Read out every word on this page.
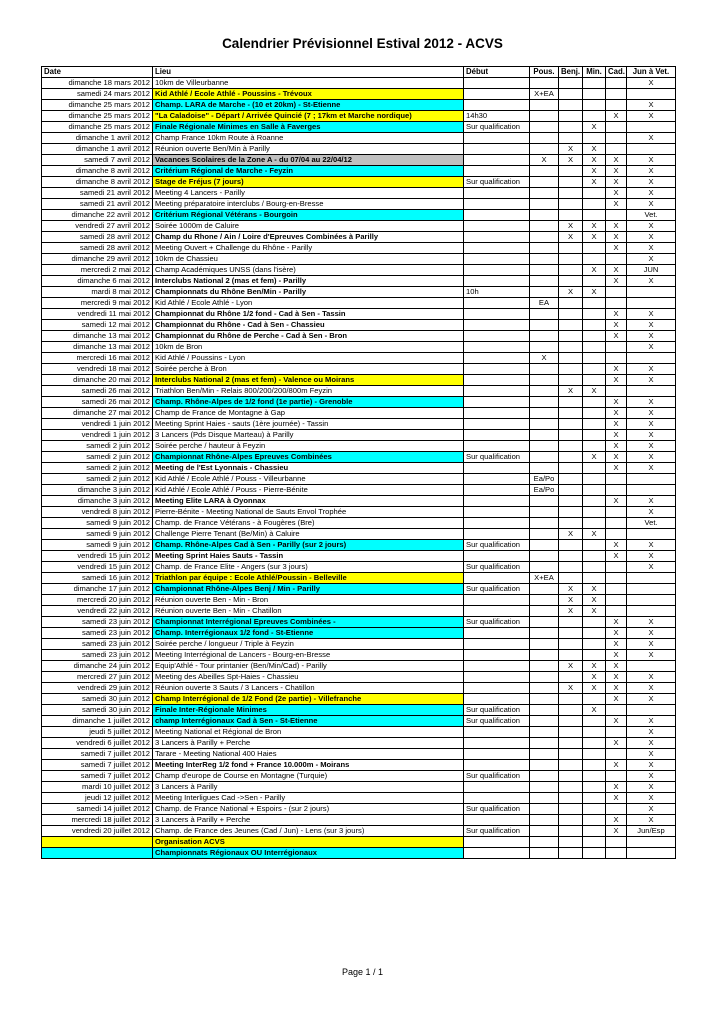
Calendrier Prévisionnel Estival 2012 - ACVS
Date	Lieu	Début	Pous.	Benj.	Min.	Cad.	Jun à Vet.
dimanche 18 mars 2012	10km de Villeurbanne						X
samedi 24 mars 2012	Kid Athlé / Ecole Athlé - Poussins - Trévoux		X+EA				
dimanche 25 mars 2012	Champ. LARA de Marche - (10 et 20km) - St-Etienne						X
dimanche 25 mars 2012	"La Caladoise" - Départ / Arrivée Quincié (7 ; 17km et Marche nordique)	14h30				X	X
dimanche 25 mars 2012	Finale Régionale Minimes en Salle à Faverges	Sur qualification			X		
dimanche 1 avril 2012	Champ France 10km Route à Roanne						X
dimanche 1 avril 2012	Réunion ouverte Ben/Min à Parilly			X	X		
samedi 7 avril 2012	Vacances Scolaires de la Zone A - du 07/04 au 22/04/12		X	X	X	X	X
dimanche 8 avril 2012	Critérium Régional de Marche - Feyzin				X	X	X
dimanche 8 avril 2012	Stage de Fréjus (7 jours)	Sur qualification			X	X	X
samedi 21 avril 2012	Meeting 4 Lancers - Parilly					X	X
samedi 21 avril 2012	Meeting préparatoire interclubs / Bourg-en-Bresse					X	X
dimanche 22 avril 2012	Critérium Régional Vétérans - Bourgoin						Vet.
vendredi 27 avril 2012	Soirée 1000m de Caluire			X	X	X	X
samedi 28 avril 2012	Champ du Rhone / Ain / Loire d'Epreuves Combinées à Parilly			X	X	X	X
samedi 28 avril 2012	Meeting Ouvert + Challenge du Rhône - Parilly					X	X
dimanche 29 avril 2012	10km de Chassieu						X
mercredi 2 mai 2012	Champ Académiques UNSS (dans l'isère)				X	X	JUN
dimanche 6 mai 2012	Interclubs National 2 (mas et fem) - Parilly					X	X
mardi 8 mai 2012	Championnats du Rhône Ben/Min - Parilly	10h		X	X		
mercredi 9 mai 2012	Kid Athlé / Ecole Athlé - Lyon		EA				
vendredi 11 mai 2012	Championnat du Rhône 1/2 fond - Cad à Sen - Tassin					X	X
samedi 12 mai 2012	Championnat du Rhône - Cad à Sen - Chassieu					X	X
dimanche 13 mai 2012	Championnat du Rhône de Perche - Cad à Sen - Bron					X	X
dimanche 13 mai 2012	10km de Bron						X
mercredi 16 mai 2012	Kid Athlé / Poussins - Lyon		X				
vendredi 18 mai 2012	Soirée perche à Bron					X	X
dimanche 20 mai 2012	Interclubs National 2 (mas et fem) - Valence ou Moirans					X	X
samedi 26 mai 2012	Triathlon Ben/Min - Relais 800/200/200/800m Feyzin			X	X		
samedi 26 mai 2012	Champ. Rhône-Alpes de 1/2 fond (1e partie) - Grenoble					X	X
dimanche 27 mai 2012	Champ de France de Montagne à Gap					X	X
vendredi 1 juin 2012	Meeting Sprint Haies - sauts (1ère journée) - Tassin					X	X
vendredi 1 juin 2012	3 Lancers (Pds Disque Marteau) à Parilly					X	X
samedi 2 juin 2012	Soirée perche / hauteur à Feyzin					X	X
samedi 2 juin 2012	Championnat Rhône-Alpes Epreuves Combinées	Sur qualification			X	X	X
samedi 2 juin 2012	Meeting de l'Est Lyonnais - Chassieu					X	X
samedi 2 juin 2012	Kid Athlé / Ecole Athlé / Pouss - Villeurbanne		Ea/Po				
dimanche 3 juin 2012	Kid Athlé / Ecole Athlé / Pouss - Pierre-Bénite		Ea/Po				
dimanche 3 juin 2012	Meeting Elite LARA à Oyonnax					X	X
vendredi 8 juin 2012	Pierre-Bénite - Meeting National de Sauts Envol Trophée						X
samedi 9 juin 2012	Champ. de France Vétérans - à Fougères (Bre)						Vet.
samedi 9 juin 2012	Challenge Pierre Tenant (Be/Min) à Caluire			X	X		
samedi 9 juin 2012	Champ. Rhône-Alpes Cad à Sen - Parilly (sur 2 jours)	Sur qualification				X	X
vendredi 15 juin 2012	Meeting Sprint Haies Sauts - Tassin					X	X
vendredi 15 juin 2012	Champ. de France Elite - Angers (sur 3 jours)	Sur qualification					X
samedi 16 juin 2012	Triathlon par équipe : Ecole Athlé/Poussin - Belleville		X+EA				
dimanche 17 juin 2012	Championnat Rhône-Alpes Benj / Min - Parilly	Sur qualification		X	X		
mercredi 20 juin 2012	Réunion ouverte Ben - Min - Bron			X	X		
vendredi 22 juin 2012	Réunion ouverte Ben - Min - Chatillon			X	X		
samedi 23 juin 2012	Championnat Interrégional Epreuves Combinées -	Sur qualification				X	X
samedi 23 juin 2012	Champ. Interrégionaux 1/2 fond - St-Etienne					X	X
samedi 23 juin 2012	Soirée perche / longueur / Triple à Feyzin					X	X
samedi 23 juin 2012	Meeting Interrégional de Lancers - Bourg-en-Bresse					X	X
dimanche 24 juin 2012	Equip'Athlé - Tour printanier (Ben/Min/Cad) - Parilly			X	X	X	
mercredi 27 juin 2012	Meeting des Abeilles Spt-Haies - Chassieu				X	X	X
vendredi 29 juin 2012	Réunion ouverte 3 Sauts / 3 Lancers - Chatillon			X	X	X	X
samedi 30 juin 2012	Champ Interrégional de 1/2 Fond (2e partie) - Villefranche					X	X
samedi 30 juin 2012	Finale Inter-Régionale Minimes	Sur qualification			X		
dimanche 1 juillet 2012	champ Interrégionaux Cad à Sen - St-Etienne	Sur qualification				X	X
jeudi 5 juillet 2012	Meeting National et Régional de Bron						X
vendredi 6 juillet 2012	3 Lancers à Parilly + Perche					X	X
samedi 7 juillet 2012	Tarare - Meeting National 400 Haies						X
samedi 7 juillet 2012	Meeting InterReg 1/2 fond + France 10.000m - Moirans					X	X
samedi 7 juillet 2012	Champ d'europe de Course en Montagne (Turquie)	Sur qualification					X
mardi 10 juillet 2012	3 Lancers à Parilly					X	X
jeudi 12 juillet 2012	Meeting Interligues Cad ->Sen - Parilly					X	X
samedi 14 juillet 2012	Champ. de France National + Espoirs - (sur 2 jours)	Sur qualification					X
mercredi 18 juillet 2012	3 Lancers à Parilly + Perche					X	X
vendredi 20 juillet 2012	Champ. de France des Jeunes (Cad / Jun) - Lens (sur 3 jours)	Sur qualification				X	Jun/Esp
	Organisation ACVS						
	Championnats Régionaux OU Interrégionaux						
Page 1 / 1
